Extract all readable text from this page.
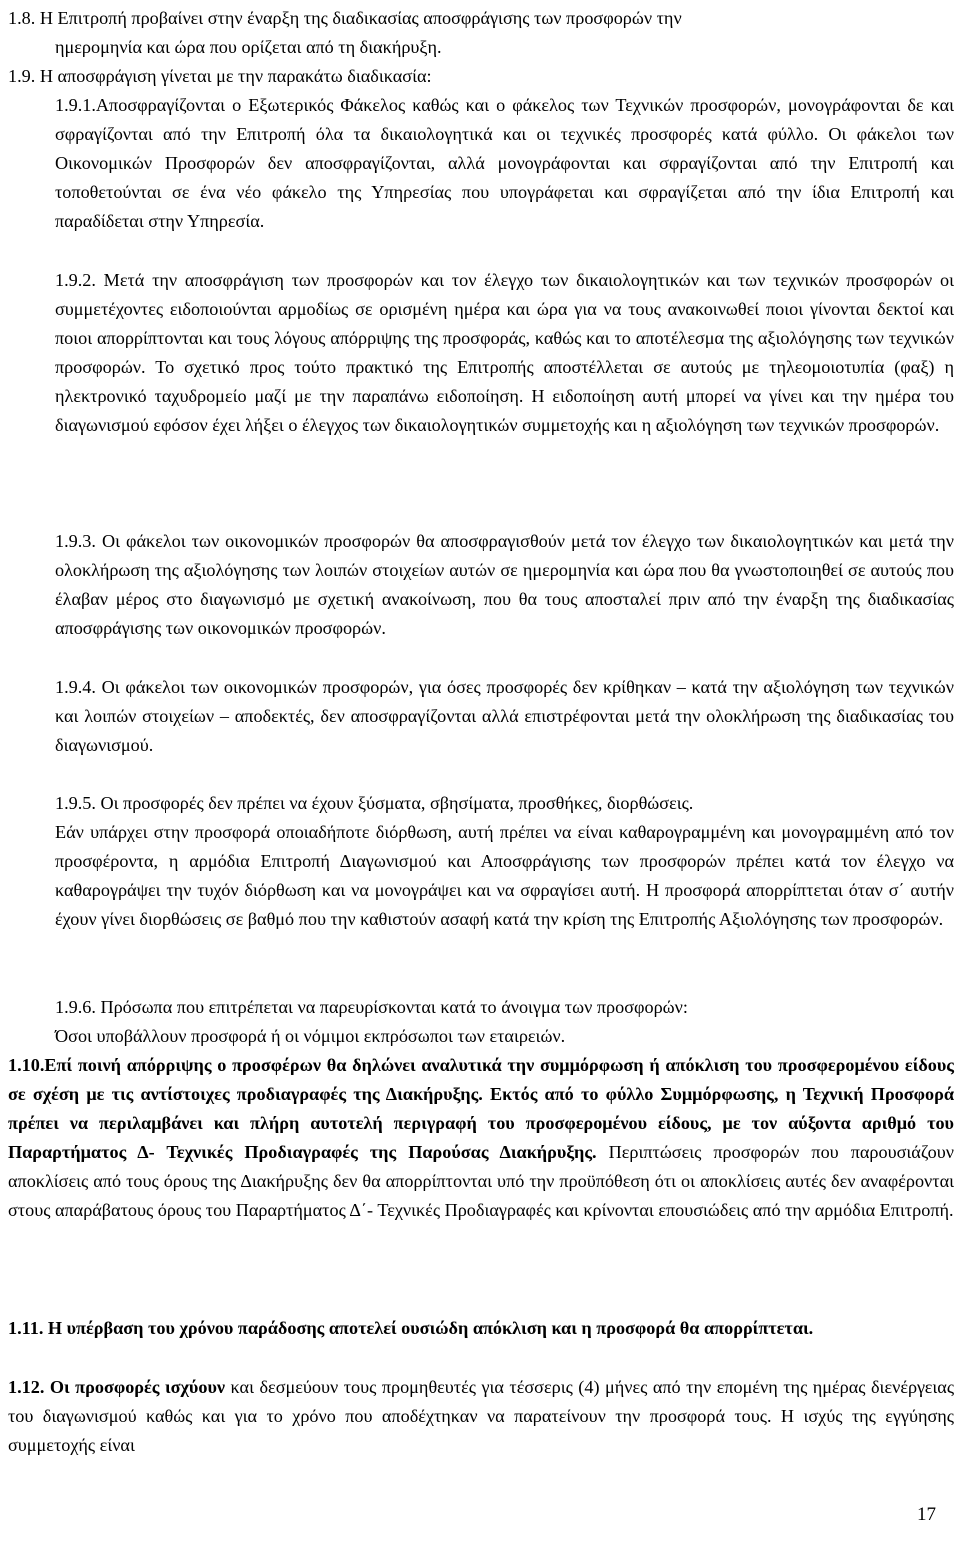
1.8. Η Επιτροπή προβαίνει στην έναρξη της διαδικασίας αποσφράγισης των προσφορών την
ημερομηνία και ώρα που ορίζεται από τη διακήρυξη.
1.9. Η αποσφράγιση γίνεται με την παρακάτω διαδικασία:
1.9.1.Αποσφραγίζονται ο Εξωτερικός Φάκελος καθώς και ο φάκελος των Τεχνικών προσφορών, μονογράφονται δε και σφραγίζονται από την Επιτροπή όλα τα δικαιολογητικά και οι τεχνικές προσφορές κατά φύλλο. Οι φάκελοι των Οικονομικών Προσφορών δεν αποσφραγίζονται, αλλά μονογράφονται και σφραγίζονται από την Επιτροπή και τοποθετούνται σε ένα νέο φάκελο της Υπηρεσίας που υπογράφεται και σφραγίζεται από την ίδια Επιτροπή και παραδίδεται στην Υπηρεσία.
1.9.2. Μετά την αποσφράγιση των προσφορών και τον έλεγχο των δικαιολογητικών και των τεχνικών προσφορών οι συμμετέχοντες ειδοποιούνται αρμοδίως σε ορισμένη ημέρα και ώρα για να τους ανακοινωθεί ποιοι γίνονται δεκτοί και ποιοι απορρίπτονται και τους λόγους απόρριψης της προσφοράς, καθώς και το αποτέλεσμα της αξιολόγησης των τεχνικών προσφορών. Το σχετικό προς τούτο πρακτικό της Επιτροπής αποστέλλεται σε αυτούς με τηλεομοιοτυπία (φαξ) η ηλεκτρονικό ταχυδρομείο μαζί με την παραπάνω ειδοποίηση. Η ειδοποίηση αυτή μπορεί να γίνει και την ημέρα του διαγωνισμού εφόσον έχει λήξει ο έλεγχος των δικαιολογητικών συμμετοχής και η αξιολόγηση των τεχνικών προσφορών.
1.9.3. Οι φάκελοι των οικονομικών προσφορών θα αποσφραγισθούν μετά τον έλεγχο των δικαιολογητικών και μετά την ολοκλήρωση της αξιολόγησης των λοιπών στοιχείων αυτών σε ημερομηνία και ώρα που θα γνωστοποιηθεί σε αυτούς που έλαβαν μέρος στο διαγωνισμό με σχετική ανακοίνωση, που θα τους αποσταλεί πριν από την έναρξη της διαδικασίας αποσφράγισης των οικονομικών προσφορών.
1.9.4. Οι φάκελοι των οικονομικών προσφορών, για όσες προσφορές δεν κρίθηκαν – κατά την αξιολόγηση των τεχνικών και λοιπών στοιχείων – αποδεκτές, δεν αποσφραγίζονται αλλά επιστρέφονται μετά την ολοκλήρωση της διαδικασίας του διαγωνισμού.
1.9.5. Οι προσφορές δεν πρέπει να έχουν ξύσματα, σβησίματα, προσθήκες, διορθώσεις.
Εάν υπάρχει στην προσφορά οποιαδήποτε διόρθωση, αυτή πρέπει να είναι καθαρογραμμένη και μονογραμμένη από τον προσφέροντα, η αρμόδια Επιτροπή Διαγωνισμού και Αποσφράγισης των προσφορών πρέπει κατά τον έλεγχο να καθαρογράψει την τυχόν διόρθωση και να μονογράψει και να σφραγίσει αυτή. Η προσφορά απορρίπτεται όταν σ΄ αυτήν έχουν γίνει διορθώσεις σε βαθμό που την καθιστούν ασαφή κατά την κρίση της Επιτροπής Αξιολόγησης των προσφορών.
1.9.6. Πρόσωπα που επιτρέπεται να παρευρίσκονται κατά το άνοιγμα των προσφορών:
Όσοι υποβάλλουν προσφορά ή οι νόμιμοι εκπρόσωποι των εταιρειών.
1.10.Επί ποινή απόρριψης ο προσφέρων θα δηλώνει αναλυτικά την συμμόρφωση ή απόκλιση του προσφερομένου είδους σε σχέση με τις αντίστοιχες προδιαγραφές της Διακήρυξης. Εκτός από το φύλλο Συμμόρφωσης, η Τεχνική Προσφορά πρέπει να περιλαμβάνει και πλήρη αυτοτελή περιγραφή του προσφερομένου είδους, με τον αύξοντα αριθμό του Παραρτήματος Δ- Τεχνικές Προδιαγραφές της Παρούσας Διακήρυξης. Περιπτώσεις προσφορών που παρουσιάζουν αποκλίσεις από τους όρους της Διακήρυξης δεν θα απορρίπτονται υπό την προϋπόθεση ότι οι αποκλίσεις αυτές δεν αναφέρονται στους απαράβατους όρους του Παραρτήματος Δ΄- Τεχνικές Προδιαγραφές και κρίνονται επουσιώδεις από την αρμόδια Επιτροπή.
1.11. Η υπέρβαση του χρόνου παράδοσης αποτελεί ουσιώδη απόκλιση και η προσφορά θα απορρίπτεται.
1.12. Οι προσφορές ισχύουν και δεσμεύουν τους προμηθευτές για τέσσερις (4) μήνες από την επομένη της ημέρας διενέργειας του διαγωνισμού καθώς και για το χρόνο που αποδέχτηκαν να παρατείνουν την προσφορά τους. Η ισχύς της εγγύησης συμμετοχής είναι
17
